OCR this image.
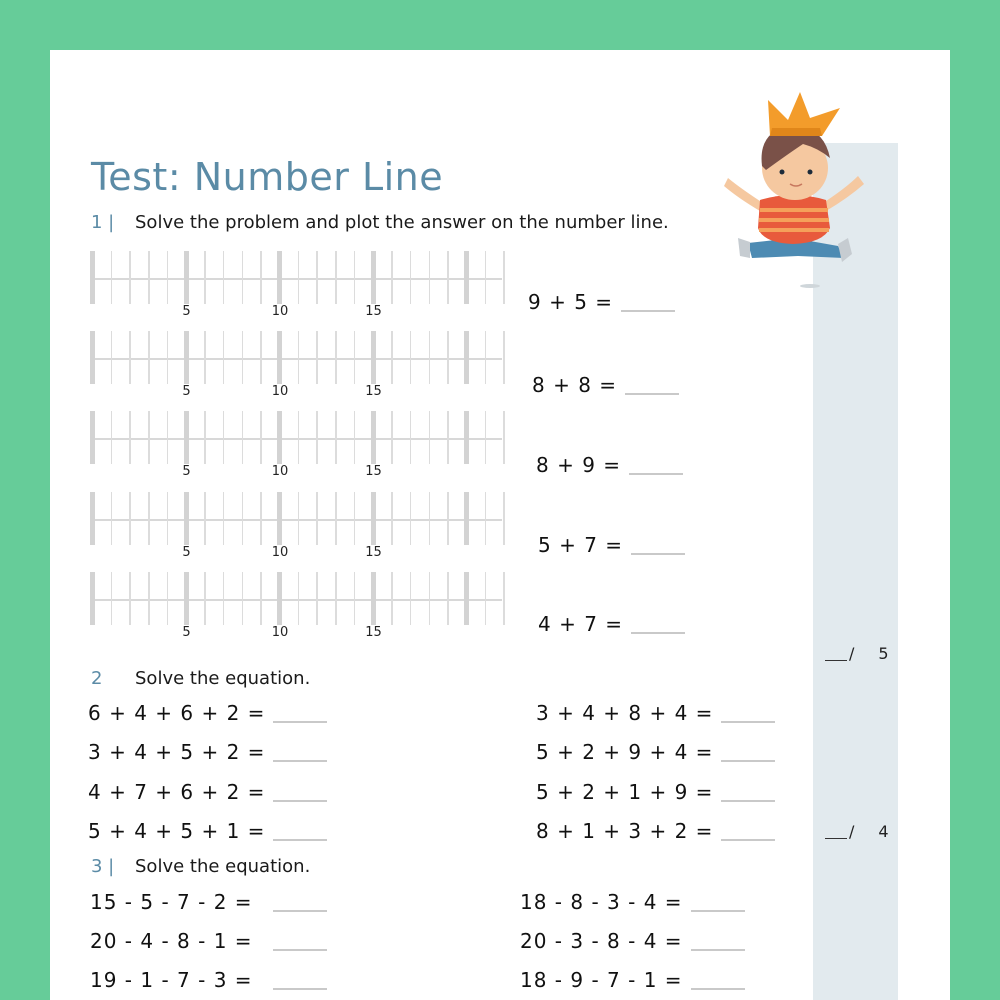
Test: Number Line
1 | Solve the problem and plot the answer on the number line.
5	10	15
5	10	15
5	10	15
5	10	15
5	10	15
9 + 5 =
8 + 8 =
8 + 9 =
5 + 7 =
4 + 7 =
/ 5
2 Solve the equation.
6 + 4 + 6 + 2 =
3 + 4 + 5 + 2 =
4 + 7 + 6 + 2 =
5 + 4 + 5 + 1 =
3 + 4 + 8 + 4 =
5 + 2 + 9 + 4 =
5 + 2 + 1 + 9 =
8 + 1 + 3 + 2 =	/ 4
3 | Solve the equation.
15 - 5 - 7 - 2 =
20 - 4 - 8 - 1 =
19 - 1 - 7 - 3 =
18 - 8 - 3 - 4 =
20 - 3 - 8 - 4 =
18 - 9 - 7 - 1 =
